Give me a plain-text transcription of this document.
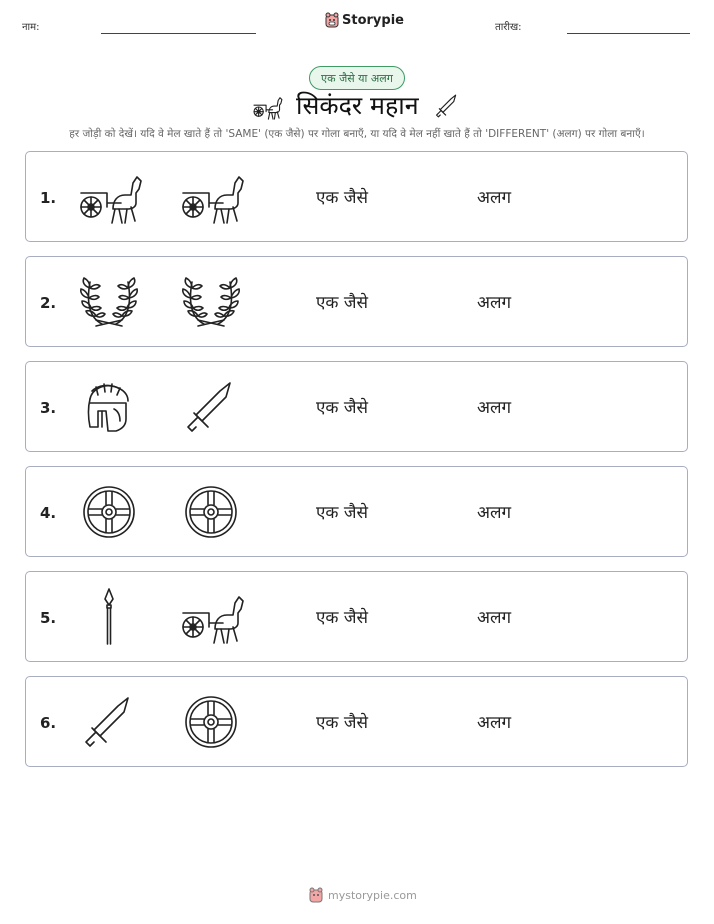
नाम:	Storypie	तारीख:
एक जैसे या अलग
सिकंदर महान
हर जोड़ी को देखें। यदि वे मेल खाते हैं तो 'SAME' (एक जैसे) पर गोला बनाएँ, या यदि वे मेल नहीं खाते हैं तो 'DIFFERENT' (अलग) पर गोला बनाएँ।
1.	एक जैसे	अलग
2.	एक जैसे	अलग
3.	एक जैसे	अलग
4.	एक जैसे	अलग
5.	एक जैसे	अलग
6.	एक जैसे	अलग
mystorypie.com
